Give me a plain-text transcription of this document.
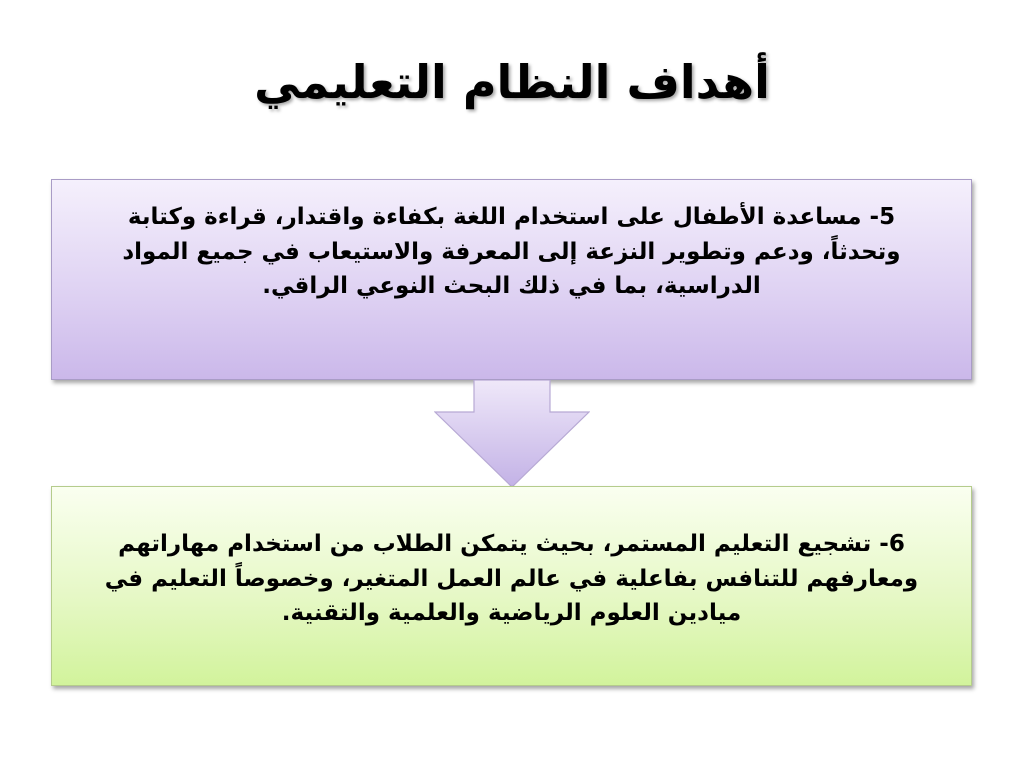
أهداف النظام التعليمي

5- مساعدة الأطفال على استخدام اللغة بكفاءة واقتدار، قراءة وكتابة وتحدثاً، ودعم وتطوير النزعة إلى المعرفة والاستيعاب في جميع المواد الدراسية، بما في ذلك البحث النوعي الراقي.

6- تشجيع التعليم المستمر، بحيث يتمكن الطلاب من استخدام مهاراتهم ومعارفهم للتنافس بفاعلية في عالم العمل المتغير، وخصوصاً التعليم في ميادين العلوم الرياضية والعلمية والتقنية.
